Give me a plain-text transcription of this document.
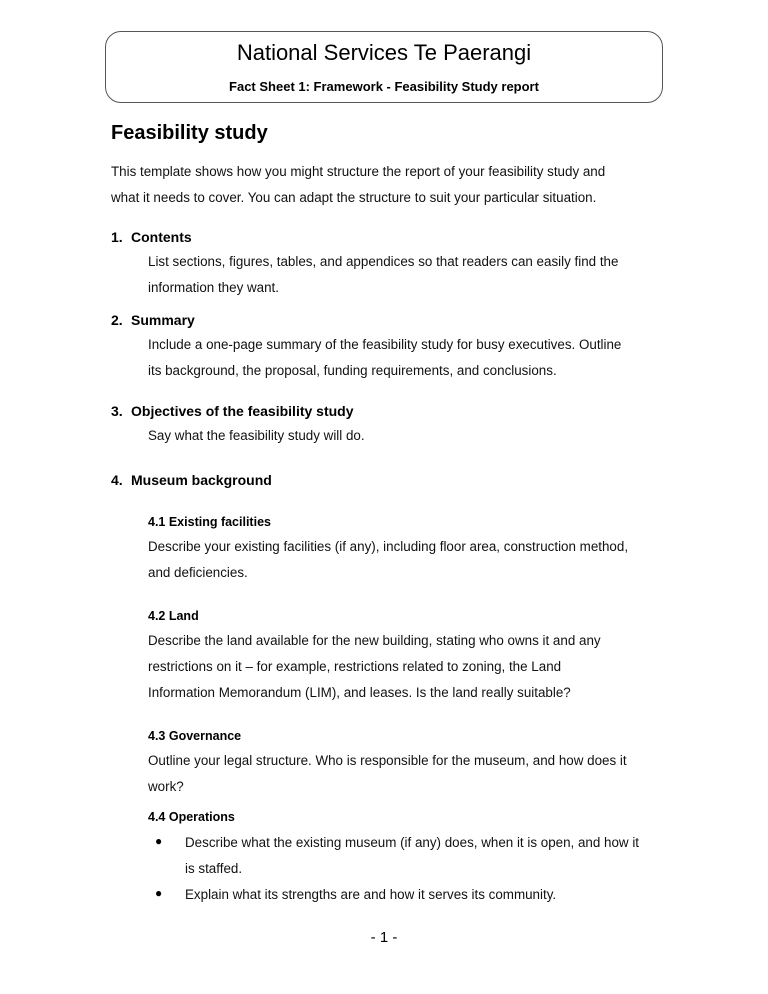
National Services Te Paerangi
Fact Sheet 1: Framework - Feasibility Study report
Feasibility study
This template shows how you might structure the report of your feasibility study and
what it needs to cover. You can adapt the structure to suit your particular situation.
1. Contents
List sections, figures, tables, and appendices so that readers can easily find the
information they want.
2. Summary
Include a one-page summary of the feasibility study for busy executives. Outline
its background, the proposal, funding requirements, and conclusions.
3. Objectives of the feasibility study
Say what the feasibility study will do.
4. Museum background
4.1 Existing facilities
Describe your existing facilities (if any), including floor area, construction method,
and deficiencies.
4.2 Land
Describe the land available for the new building, stating who owns it and any
restrictions on it – for example, restrictions related to zoning, the Land
Information Memorandum (LIM), and leases. Is the land really suitable?
4.3 Governance
Outline your legal structure. Who is responsible for the museum, and how does it
work?
4.4 Operations
● Describe what the existing museum (if any) does, when it is open, and how it
is staffed.
● Explain what its strengths are and how it serves its community.
- 1 -
